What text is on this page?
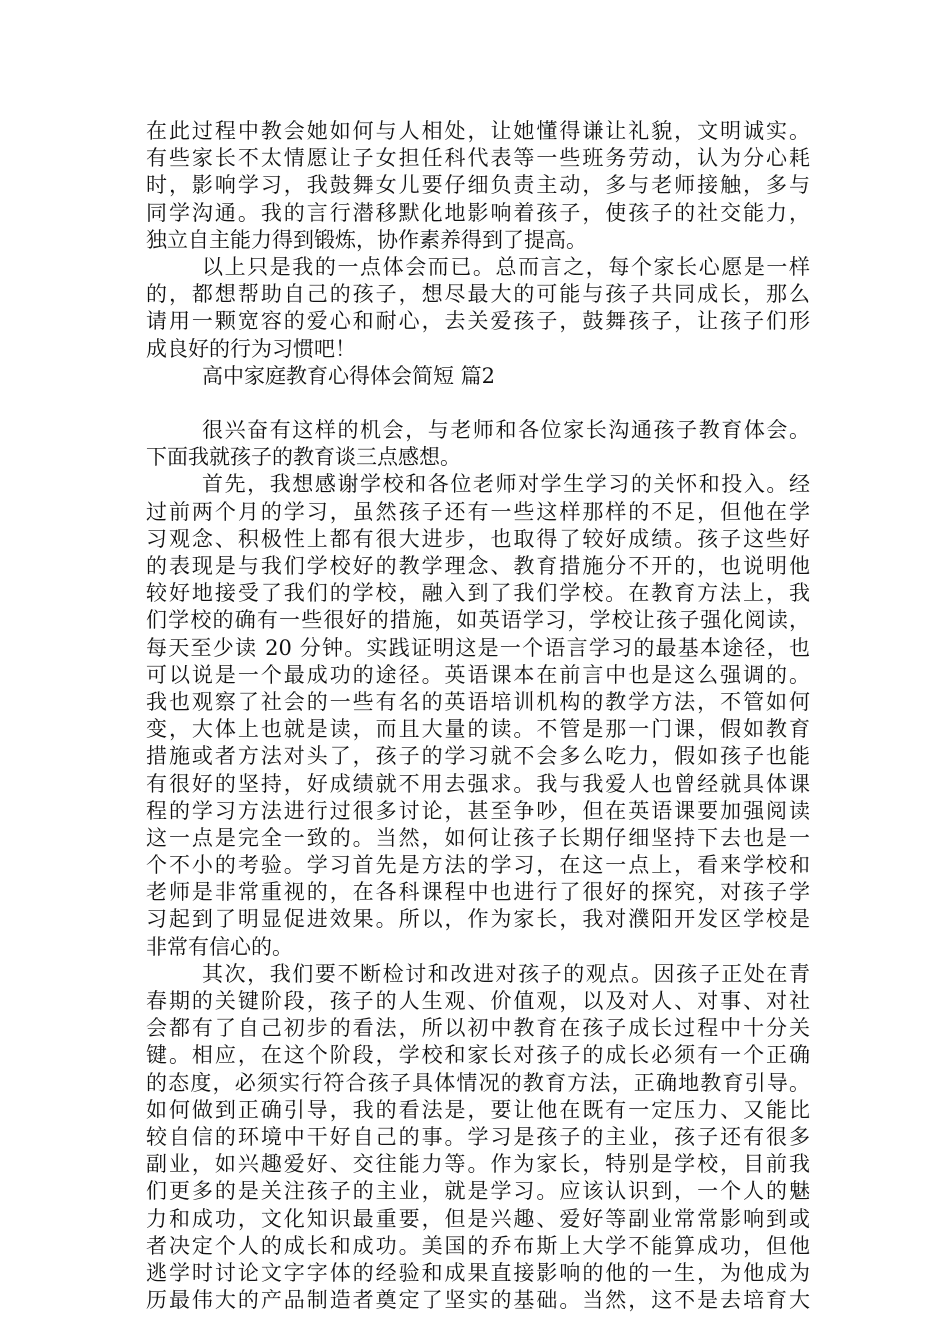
在此过程中教会她如何与人相处，让她懂得谦让礼貌，文明诚实。
有些家长不太情愿让子女担任科代表等一些班务劳动，认为分心耗
时，影响学习，我鼓舞女儿要仔细负责主动，多与老师接触，多与
同学沟通。我的言行潜移默化地影响着孩子，使孩子的社交能力，
独立自主能力得到锻炼，协作素养得到了提高。
以上只是我的一点体会而已。总而言之，每个家长心愿是一样
的，都想帮助自己的孩子，想尽最大的可能与孩子共同成长，那么
请用一颗宽容的爱心和耐心，去关爱孩子，鼓舞孩子，让孩子们形
成良好的行为习惯吧！
高中家庭教育心得体会简短 篇2
很兴奋有这样的机会，与老师和各位家长沟通孩子教育体会。
下面我就孩子的教育谈三点感想。
首先，我想感谢学校和各位老师对学生学习的关怀和投入。经
过前两个月的学习，虽然孩子还有一些这样那样的不足，但他在学
习观念、积极性上都有很大进步，也取得了较好成绩。孩子这些好
的表现是与我们学校好的教学理念、教育措施分不开的，也说明他
较好地接受了我们的学校，融入到了我们学校。在教育方法上，我
们学校的确有一些很好的措施，如英语学习，学校让孩子强化阅读，
每天至少读 20 分钟。实践证明这是一个语言学习的最基本途径，也
可以说是一个最成功的途径。英语课本在前言中也是这么强调的。
我也观察了社会的一些有名的英语培训机构的教学方法，不管如何
变，大体上也就是读，而且大量的读。不管是那一门课，假如教育
措施或者方法对头了，孩子的学习就不会多么吃力，假如孩子也能
有很好的坚持，好成绩就不用去强求。我与我爱人也曾经就具体课
程的学习方法进行过很多讨论，甚至争吵，但在英语课要加强阅读
这一点是完全一致的。当然，如何让孩子长期仔细坚持下去也是一
个不小的考验。学习首先是方法的学习，在这一点上，看来学校和
老师是非常重视的，在各科课程中也进行了很好的探究，对孩子学
习起到了明显促进效果。所以，作为家长，我对濮阳开发区学校是
非常有信心的。
其次，我们要不断检讨和改进对孩子的观点。因孩子正处在青
春期的关键阶段，孩子的人生观、价值观，以及对人、对事、对社
会都有了自己初步的看法，所以初中教育在孩子成长过程中十分关
键。相应，在这个阶段，学校和家长对孩子的成长必须有一个正确
的态度，必须实行符合孩子具体情况的教育方法，正确地教育引导。
如何做到正确引导，我的看法是，要让他在既有一定压力、又能比
较自信的环境中干好自己的事。学习是孩子的主业，孩子还有很多
副业，如兴趣爱好、交往能力等。作为家长，特别是学校，目前我
们更多的是关注孩子的主业，就是学习。应该认识到，一个人的魅
力和成功，文化知识最重要，但是兴趣、爱好等副业常常影响到或
者决定个人的成长和成功。美国的乔布斯上大学不能算成功，但他
逃学时讨论文字字体的经验和成果直接影响的他的一生，为他成为
历最伟大的产品制造者奠定了坚实的基础。当然，这不是去培育大
